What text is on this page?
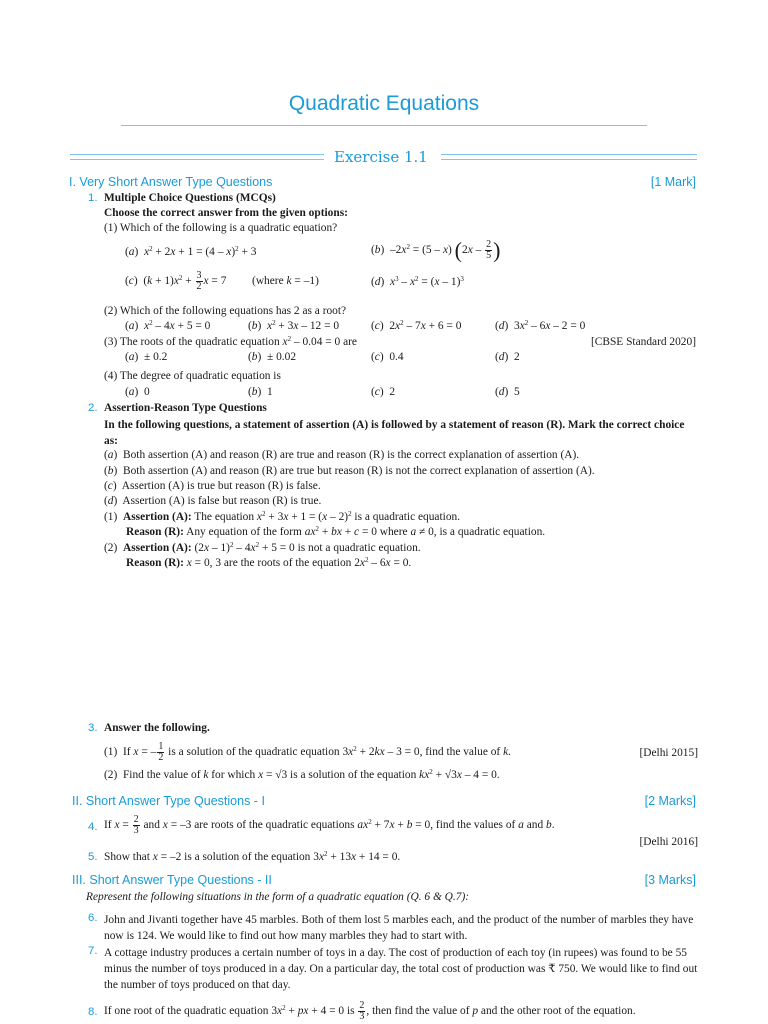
Quadratic Equations
Exercise 1.1
I. Very Short Answer Type Questions	[1 Mark]
1. Multiple Choice Questions (MCQs)
Choose the correct answer from the given options:
(1) Which of the following is a quadratic equation?
(a)  $x^2 + 2x + 1 = (4 - x)^2 + 3$	(b)  $-2x^2 = (5 - x)$ ($2x - \frac{2}{5}$ )
(c)  $(k + 1)x^2 + \frac{3}{2}$ x = 7         (where k = –1)	(d)  $x^3 - x^2 = (x - 1)^3$
(2) Which of the following equations has 2 as a root?
(a)  $x^2 - 4x + 5 = 0$	(b)  $x^2 + 3x - 12 = 0$	(c)  $2x^2 - 7x + 6 = 0$	(d)  $3x^2 - 6x - 2 = 0$
(3) The roots of the quadratic equation $x^2 - 0.04 = 0$ are	[CBSE Standard 2020]
(a)  ± 0.2	(b)  ± 0.02	(c)  0.4	(d)  2
(4) The degree of quadratic equation is
(a)  0	(b)  1	(c)  2	(d)  5
2. Assertion-Reason Type Questions
In the following questions, a statement of assertion (A) is followed by a statement of reason (R). Mark the correct choice as:
(a)  Both assertion (A) and reason (R) are true and reason (R) is the correct explanation of assertion (A).
(b)  Both assertion (A) and reason (R) are true but reason (R) is not the correct explanation of assertion (A).
(c)  Assertion (A) is true but reason (R) is false.
(d)  Assertion (A) is false but reason (R) is true.
(1)  Assertion (A): The equation $x^2 + 3x + 1 = (x - 2)^2$ is a quadratic equation.
Reason (R): Any equation of the form $ax^2$ + bx + c = 0 where a ≠ 0, is a quadratic equation.
(2)  Assertion (A): $(2x - 1)^2 - 4x^2 + 5 = 0$ is not a quadratic equation.
Reason (R): x = 0, 3 are the roots of the equation $2x^2 - 6x = 0$.
3. Answer the following.
(1)  If x = – $\frac{1}{2}$ is a solution of the quadratic equation $3x^2 + 2kx - 3 = 0$, find the value of k.	[Delhi 2015]
(2)  Find the value of k for which x = √3 is a solution of the equation $kx^2 + √3x - 4 = 0$.
II. Short Answer Type Questions - I	[2 Marks]
4. If $x = \frac{2}{3}$ and x = –3 are roots of the quadratic equations $ax^2 + 7x + b = 0$, find the values of a and b.
[Delhi 2016]
5. Show that x = –2 is a solution of the equation $3x^2 + 13x + 14 = 0$.
III. Short Answer Type Questions - II	[3 Marks]
Represent the following situations in the form of a quadratic equation (Q. 6 & Q.7):
6. John and Jivanti together have 45 marbles. Both of them lost 5 marbles each, and the product of the number of marbles they have now is 124. We would like to find out how many marbles they had to start with.
7. A cottage industry produces a certain number of toys in a day. The cost of production of each toy (in rupees) was found to be 55 minus the number of toys produced in a day. On a particular day, the total cost of production was ₹ 750. We would like to find out the number of toys produced on that day.
8. If one root of the quadratic equation $3x^2$ + px + 4 = 0 is $\frac{2}{3}$ , then find the value of p and the other root of the equation.
